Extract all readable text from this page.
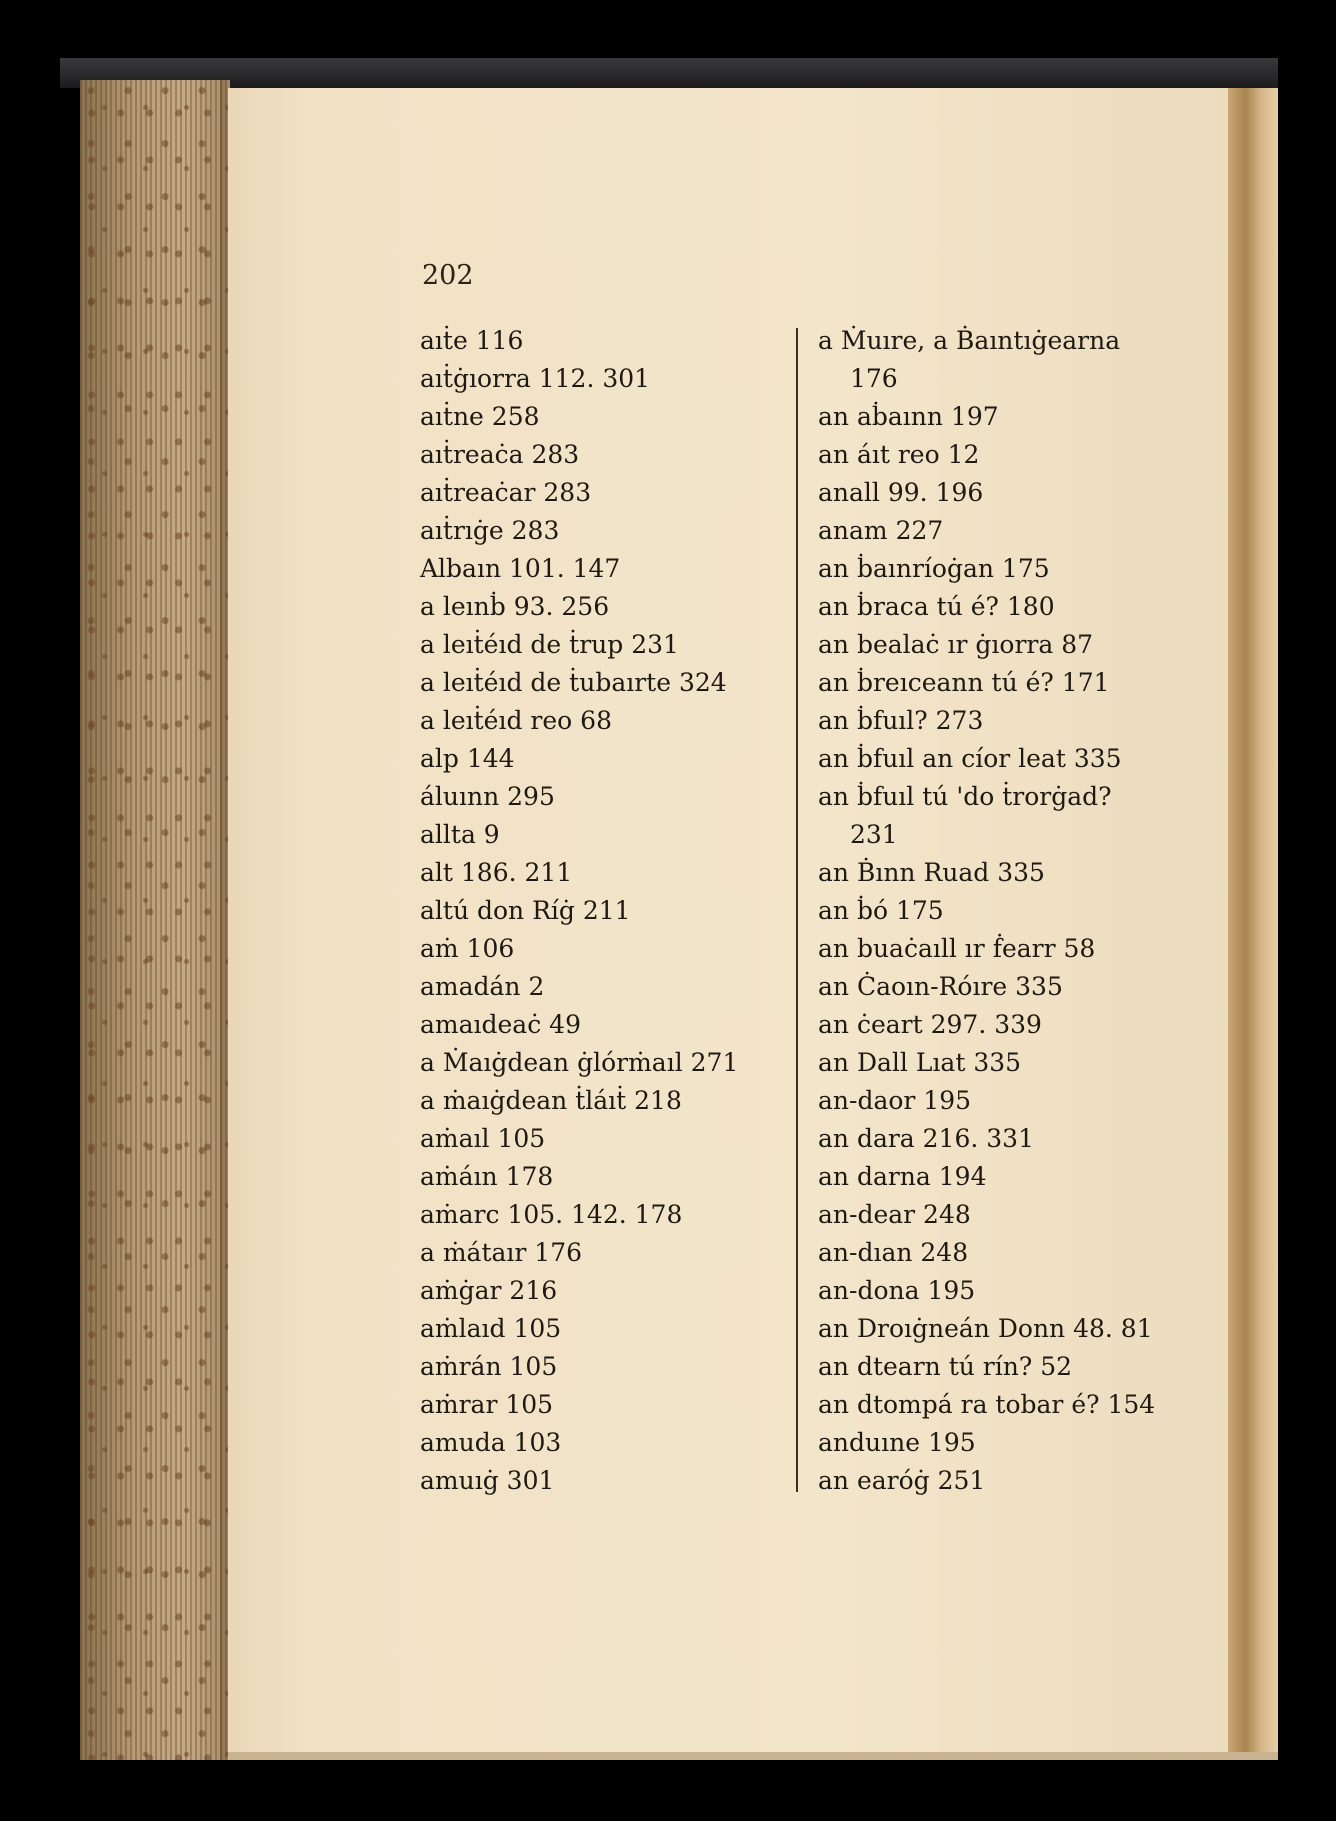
202
aıṫe 116
aıṫġıorra 112. 301
aıṫne 258
aıṫreaċa 283
aıṫreaċar 283
aıṫrıġe 283
Albaın 101. 147
a leınḃ 93. 256
a leıṫéıd de ṫrup 231
a leıṫéıd de ṫubaırte 324
a leıṫéıd reo 68
alp 144
áluınn 295
allta 9
alt 186. 211
altú don Ríġ 211
aṁ 106
amadán 2
amaıdeaċ 49
a Ṁaıġdean ġlórṁaıl 271
a ṁaıġdean ṫláıṫ 218
aṁaıl 105
aṁáın 178
aṁarc 105. 142. 178
a ṁátaır 176
aṁġar 216
aṁlaıd 105
aṁrán 105
aṁrar 105
amuda 103
amuıġ 301
a Ṁuıre, a Ḃaıntıġearna
176
an aḃaınn 197
an áıt reo 12
anall 99. 196
anam 227
an ḃaınríoġan 175
an ḃraca tú é? 180
an bealaċ ır ġıorra 87
an ḃreıceann tú é? 171
an ḃfuıl? 273
an ḃfuıl an cíor leat 335
an ḃfuıl tú 'do ṫrorġad?
231
an Ḃınn Ruad 335
an ḃó 175
an buaċaıll ır ḟearr 58
an Ċaoın-Róıre 335
an ċeart 297. 339
an Dall Lıat 335
an-daor 195
an dara 216. 331
an darna 194
an-dear 248
an-dıan 248
an-dona 195
an Droıġneán Donn 48. 81
an dtearn tú rín? 52
an dtompá ra tobar é? 154
anduıne 195
an earóġ 251
